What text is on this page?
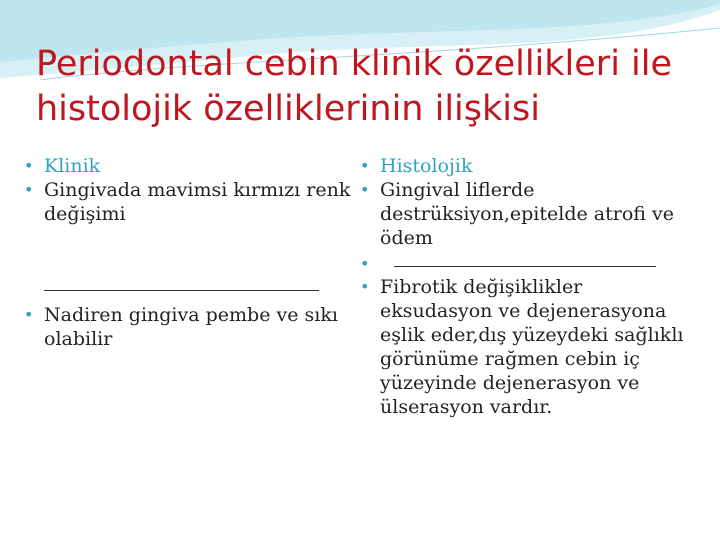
Periodontal cebin klinik özellikleri ile histolojik özelliklerinin ilişkisi
• Klinik
• Gingivada mavimsi kırmızı renk değişimi
• Nadiren gingiva pembe ve sıkı olabilir
• Histolojik
• Gingival liflerde destrüksiyon,epitelde atrofi ve ödem
•
• Fibrotik değişiklikler eksudasyon ve dejenerasyona eşlik eder,dış yüzeydeki sağlıklı görünüme rağmen cebin iç yüzeyinde dejenerasyon ve ülserasyon vardır.
